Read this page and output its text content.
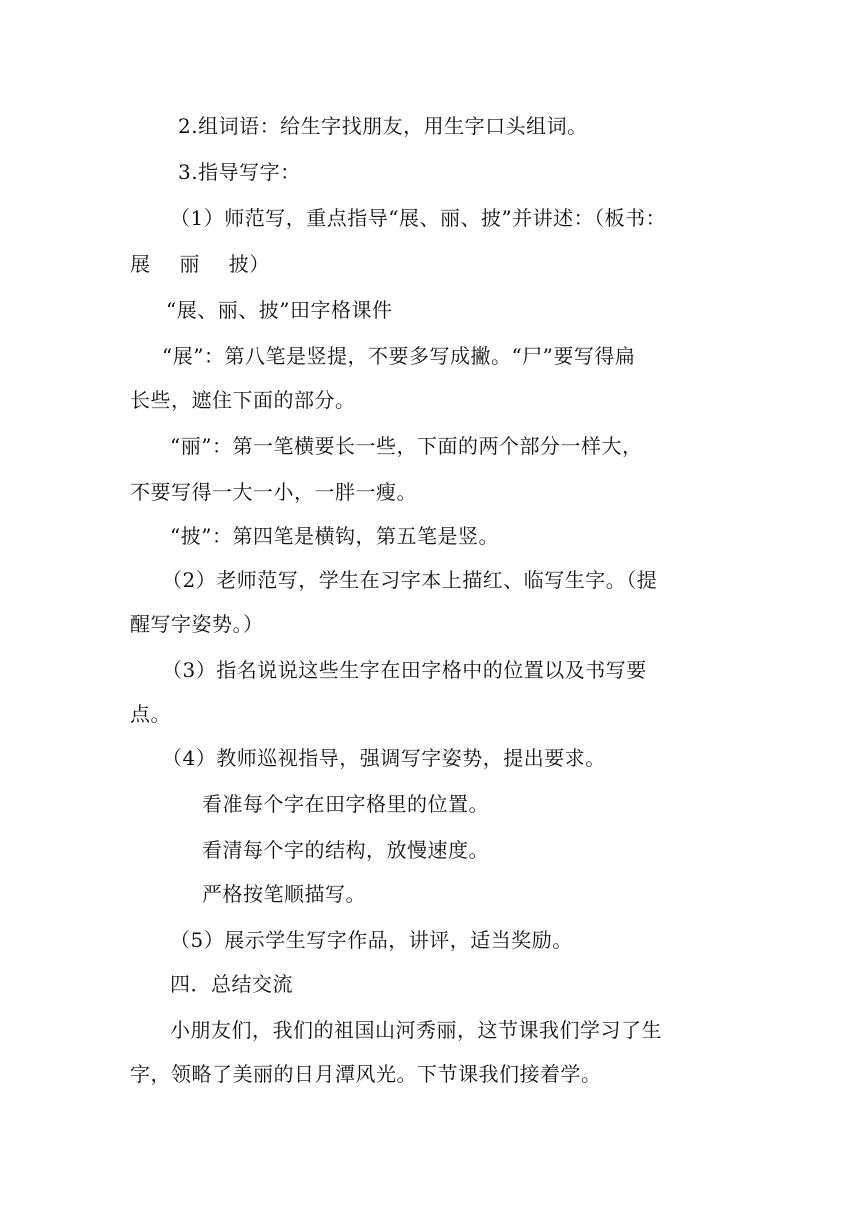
2.组词语：给生字找朋友，用生字口头组词。
3.指导写字：
（1）师范写，重点指导“展、丽、披”并讲述：（板书：
展 丽 披）
“展、丽、披”田字格课件
“展”：第八笔是竖提，不要多写成撇。“尸”要写得扁
长些，遮住下面的部分。
“丽”：第一笔横要长一些，下面的两个部分一样大，
不要写得一大一小，一胖一瘦。
“披”：第四笔是横钩，第五笔是竖。
（2）老师范写，学生在习字本上描红、临写生字。（提
醒写字姿势。）
（3）指名说说这些生字在田字格中的位置以及书写要
点。
（4）教师巡视指导，强调写字姿势，提出要求。
看准每个字在田字格里的位置。
看清每个字的结构，放慢速度。
严格按笔顺描写。
（5）展示学生写字作品，讲评，适当奖励。
四．总结交流
小朋友们，我们的祖国山河秀丽，这节课我们学习了生
字，领略了美丽的日月潭风光。下节课我们接着学。
